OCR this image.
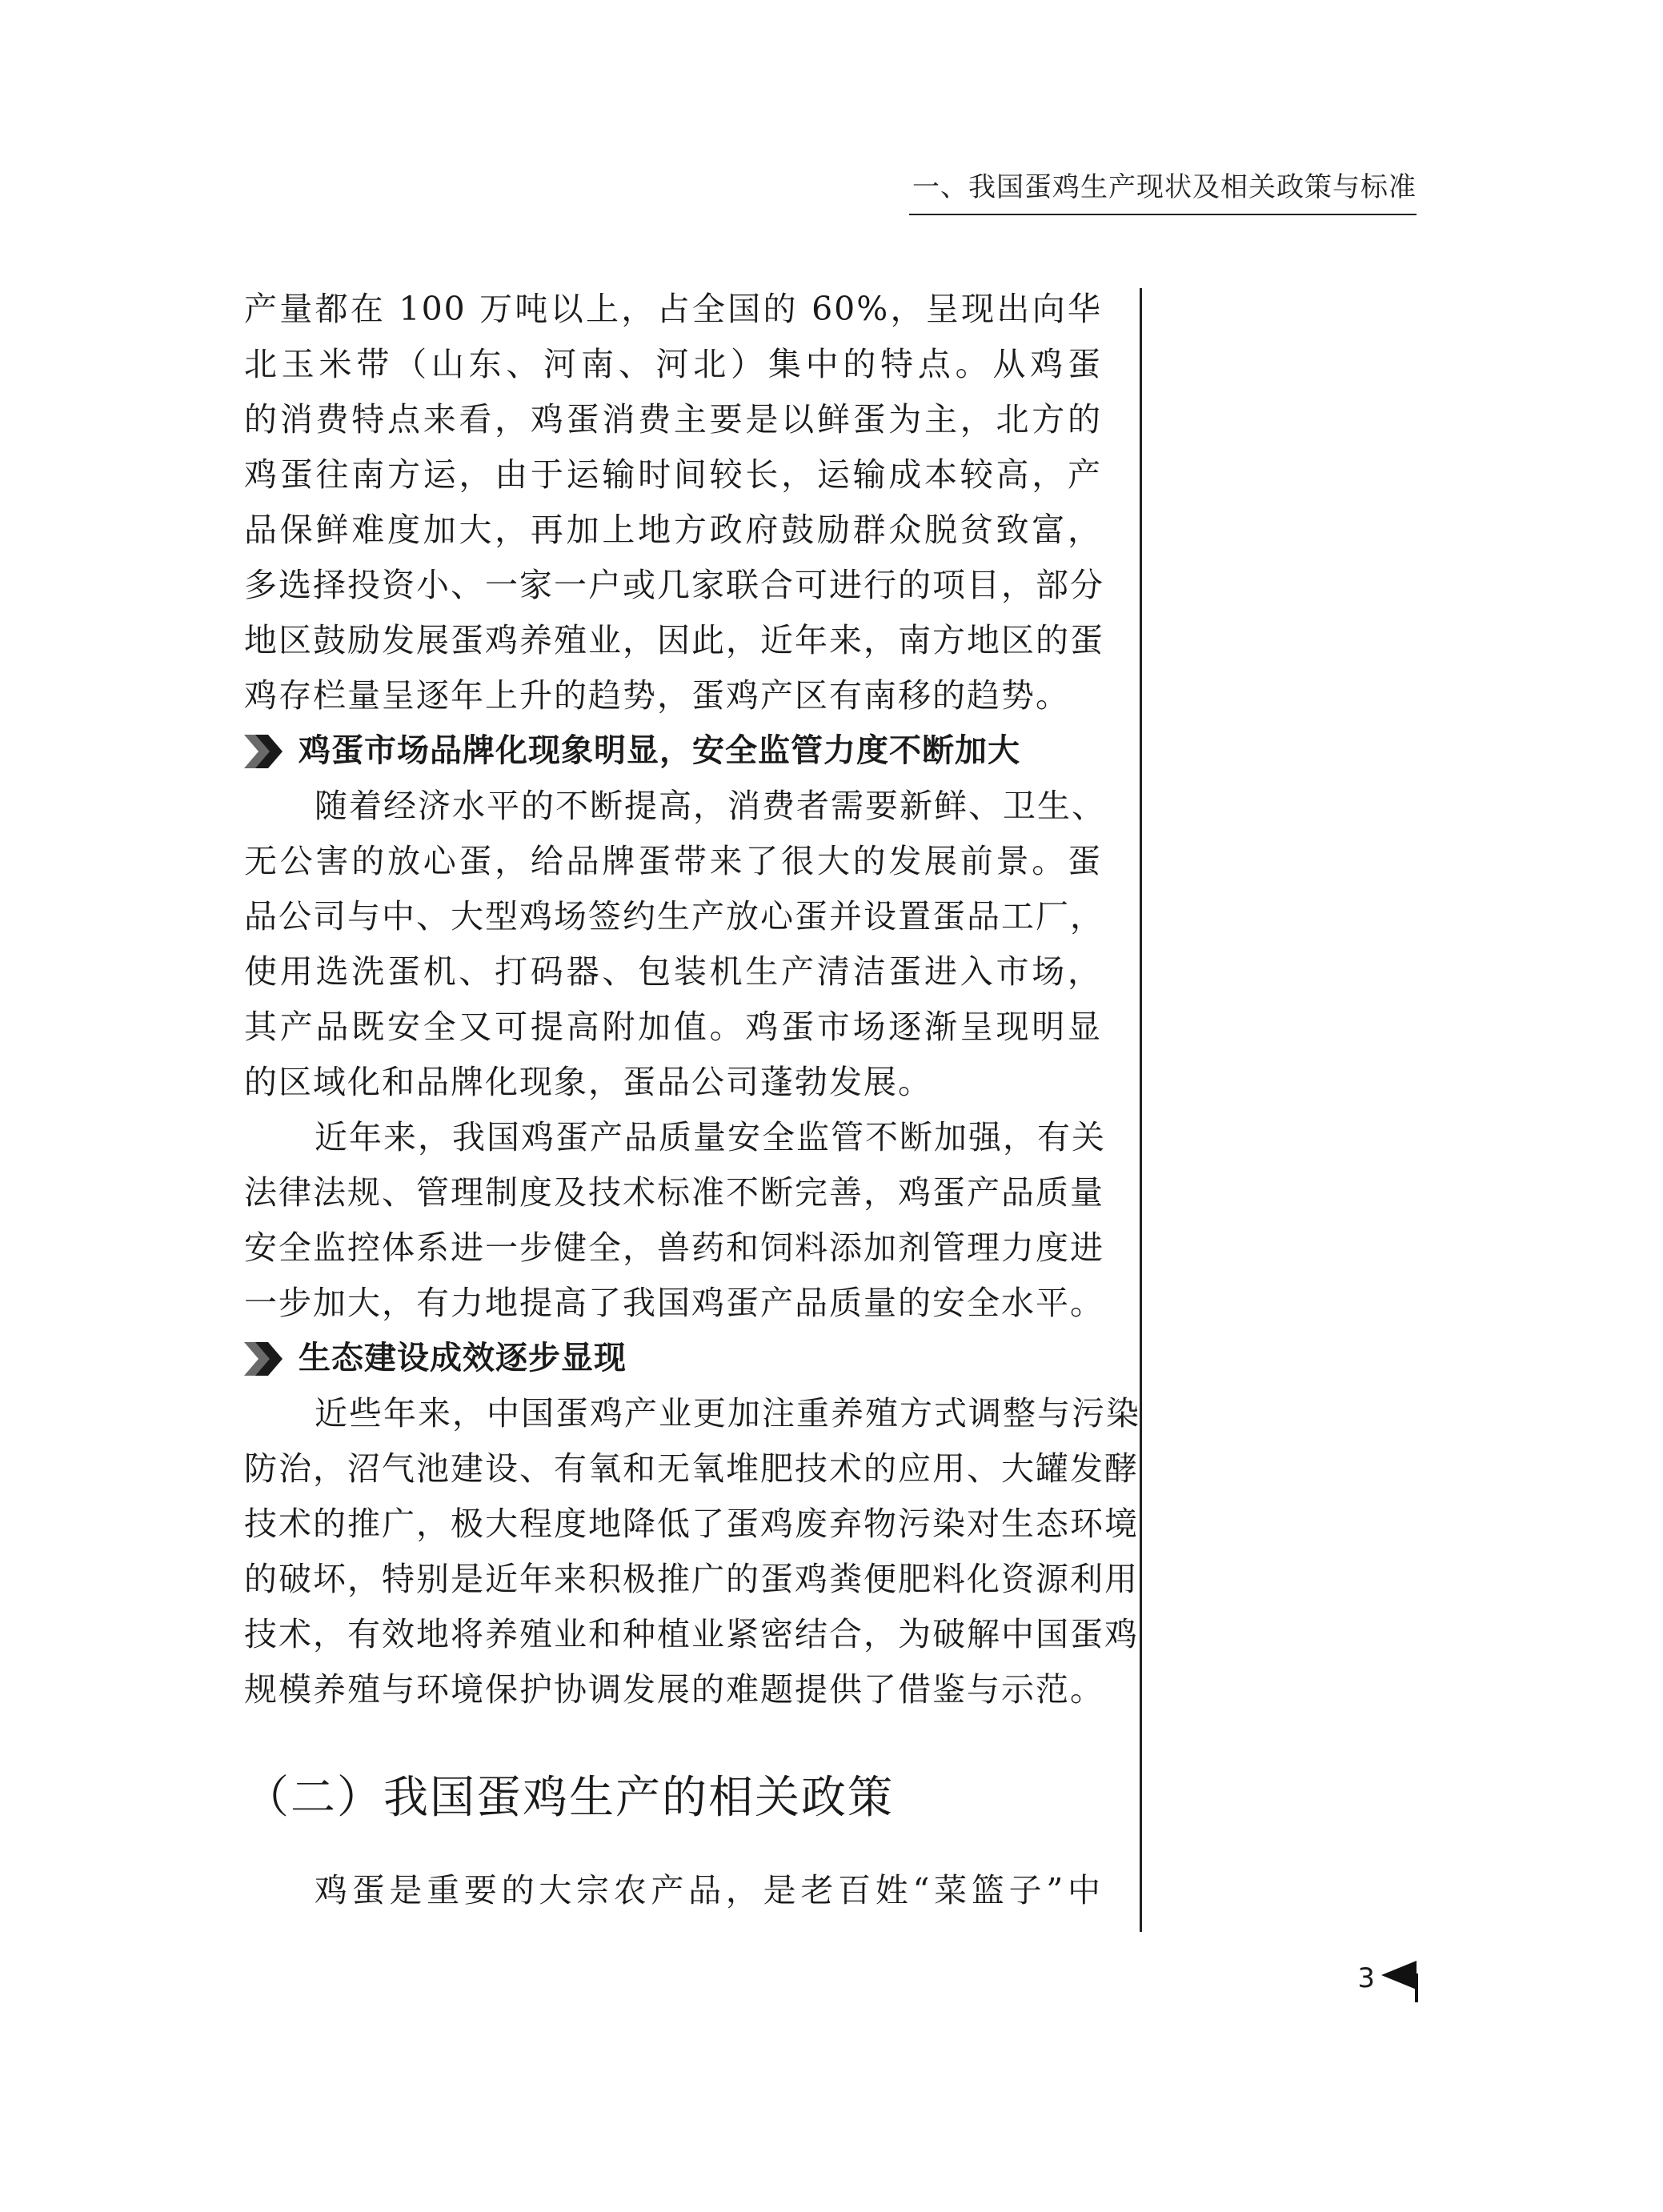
一、我国蛋鸡生产现状及相关政策与标准
产量都在 100 万吨以上，占全国的 60%，呈现出向华
北玉米带（山东、河南、河北）集中的特点。从鸡蛋
的消费特点来看，鸡蛋消费主要是以鲜蛋为主，北方的
鸡蛋往南方运，由于运输时间较长，运输成本较高，产
品保鲜难度加大，再加上地方政府鼓励群众脱贫致富，
多选择投资小、一家一户或几家联合可进行的项目，部分
地区鼓励发展蛋鸡养殖业，因此，近年来，南方地区的蛋
鸡存栏量呈逐年上升的趋势，蛋鸡产区有南移的趋势。
鸡蛋市场品牌化现象明显，安全监管力度不断加大
随着经济水平的不断提高，消费者需要新鲜、卫生、
无公害的放心蛋，给品牌蛋带来了很大的发展前景。蛋
品公司与中、大型鸡场签约生产放心蛋并设置蛋品工厂，
使用选洗蛋机、打码器、包装机生产清洁蛋进入市场，
其产品既安全又可提高附加值。鸡蛋市场逐渐呈现明显
的区域化和品牌化现象，蛋品公司蓬勃发展。
近年来，我国鸡蛋产品质量安全监管不断加强，有关
法律法规、管理制度及技术标准不断完善，鸡蛋产品质量
安全监控体系进一步健全，兽药和饲料添加剂管理力度进
一步加大，有力地提高了我国鸡蛋产品质量的安全水平。
生态建设成效逐步显现
近些年来，中国蛋鸡产业更加注重养殖方式调整与污染
防治，沼气池建设、有氧和无氧堆肥技术的应用、大罐发酵
技术的推广，极大程度地降低了蛋鸡废弃物污染对生态环境
的破坏，特别是近年来积极推广的蛋鸡粪便肥料化资源利用
技术，有效地将养殖业和种植业紧密结合，为破解中国蛋鸡
规模养殖与环境保护协调发展的难题提供了借鉴与示范。
（二）我国蛋鸡生产的相关政策
鸡蛋是重要的大宗农产品，是老百姓“菜篮子”中
3
